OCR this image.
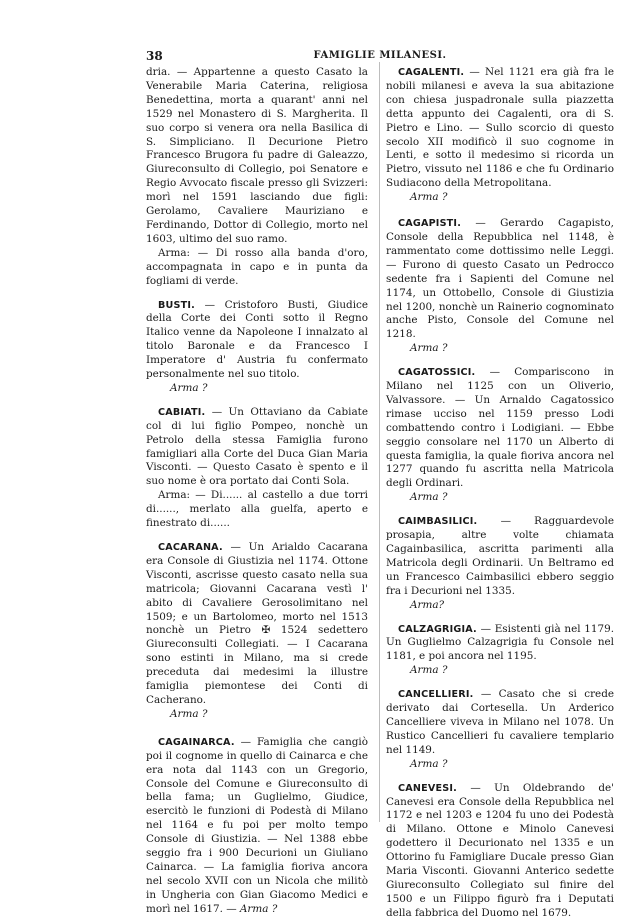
38	FAMIGLIE MILANESI.

dria. — Appartenne a questo Casato la Venerabile Maria Caterina, religiosa Benedettina, morta a quarant' anni nel 1529 nel Monastero di S. Margherita. Il suo corpo si venera ora nella Basilica di S. Simpliciano. Il Decurione Pietro Francesco Brugora fu padre di Galeazzo, Giureconsulto di Collegio, poi Senatore e Regio Avvocato fiscale presso gli Svizzeri: morì nel 1591 lasciando due figli: Gerolamo, Cavaliere Mauriziano e Ferdinando, Dottor di Collegio, morto nel 1603, ultimo del suo ramo.

Arma: — Di rosso alla banda d'oro, accompagnata in capo e in punta da fogliami di verde.

BUSTI. — Cristoforo Busti, Giudice della Corte dei Conti sotto il Regno Italico venne da Napoleone I innalzato al titolo Baronale e da Francesco I Imperatore d' Austria fu confermato personalmente nel suo titolo.

Arma ?

CABIATI. — Un Ottaviano da Cabiate col di lui figlio Pompeo, nonchè un Petrolo della stessa Famiglia furono famigliari alla Corte del Duca Gian Maria Visconti. — Questo Casato è spento e il suo nome è ora portato dai Conti Sola.

Arma: — Di...... al castello a due torri di......, merlato alla guelfa, aperto e finestrato di......

CACARANA. — Un Arialdo Cacarana era Console di Giustizia nel 1174. Ottone Visconti, ascrisse questo casato nella sua matricola; Giovanni Cacarana vestì l' abito di Cavaliere Gerosolimitano nel 1509; e un Bartolomeo, morto nel 1513 nonchè un Pietro ✠ 1524 sedettero Giureconsulti Collegiati. — I Cacarana sono estinti in Milano, ma si crede preceduta dai medesimi la illustre famiglia piemontese dei Conti di Cacherano.

Arma ?

CAGAINARCA. — Famiglia che cangiò poi il cognome in quello di Cainarca e che era nota dal 1143 con un Gregorio, Console del Comune e Giureconsulto di bella fama; un Guglielmo, Giudice, esercitò le funzioni di Podestà di Milano nel 1164 e fu poi per molto tempo Console di Giustizia. — Nel 1388 ebbe seggio fra i 900 Decurioni un Giuliano Cainarca. — La famiglia fioriva ancora nel secolo XVII con un Nicola che militò in Ungheria con Gian Giacomo Medici e morì nel 1617. — Arma ?

CAGALENTI. — Nel 1121 era già fra le nobili milanesi e aveva la sua abitazione con chiesa juspadronale sulla piazzetta detta appunto dei Cagalenti, ora di S. Pietro e Lino. — Sullo scorcio di questo secolo XII modificò il suo cognome in Lenti, e sotto il medesimo si ricorda un Pietro, vissuto nel 1186 e che fu Ordinario Sudiacono della Metropolitana.

Arma ?

CAGAPISTI. — Gerardo Cagapisto, Console della Repubblica nel 1148, è rammentato come dottissimo nelle Leggi. — Furono di questo Casato un Pedrocco sedente fra i Sapienti del Comune nel 1174, un Ottobello, Console di Giustizia nel 1200, nonchè un Rainerio cognominato anche Pisto, Console del Comune nel 1218.

Arma ?

CAGATOSSICI. — Compariscono in Milano nel 1125 con un Oliverio, Valvassore. — Un Arnaldo Cagatossico rimase ucciso nel 1159 presso Lodi combattendo contro i Lodigiani. — Ebbe seggio consolare nel 1170 un Alberto di questa famiglia, la quale fioriva ancora nel 1277 quando fu ascritta nella Matricola degli Ordinari.

Arma ?

CAIMBASILICI. — Ragguardevole prosapia, altre volte chiamata Cagainbasilica, ascritta parimenti alla Matricola degli Ordinarii. Un Beltramo ed un Francesco Caimbasilici ebbero seggio fra i Decurioni nel 1335.

Arma?

CALZAGRIGIA. — Esistenti già nel 1179. Un Guglielmo Calzagrigia fu Console nel 1181, e poi ancora nel 1195.

Arma ?

CANCELLIERI. — Casato che si crede derivato dai Cortesella. Un Arderico Cancelliere viveva in Milano nel 1078. Un Rustico Cancellieri fu cavaliere templario nel 1149.

Arma ?

CANEVESI. — Un Oldebrando de' Canevesi era Console della Repubblica nel 1172 e nel 1203 e 1204 fu uno dei Podestà di Milano. Ottone e Minolo Canevesi godettero il Decurionato nel 1335 e un Ottorino fu Famigliare Ducale presso Gian Maria Visconti. Giovanni Anterico sedette Giureconsulto Collegiato sul finire del 1500 e un Filippo figurò fra i Deputati della fabbrica del Duomo nel 1679.
